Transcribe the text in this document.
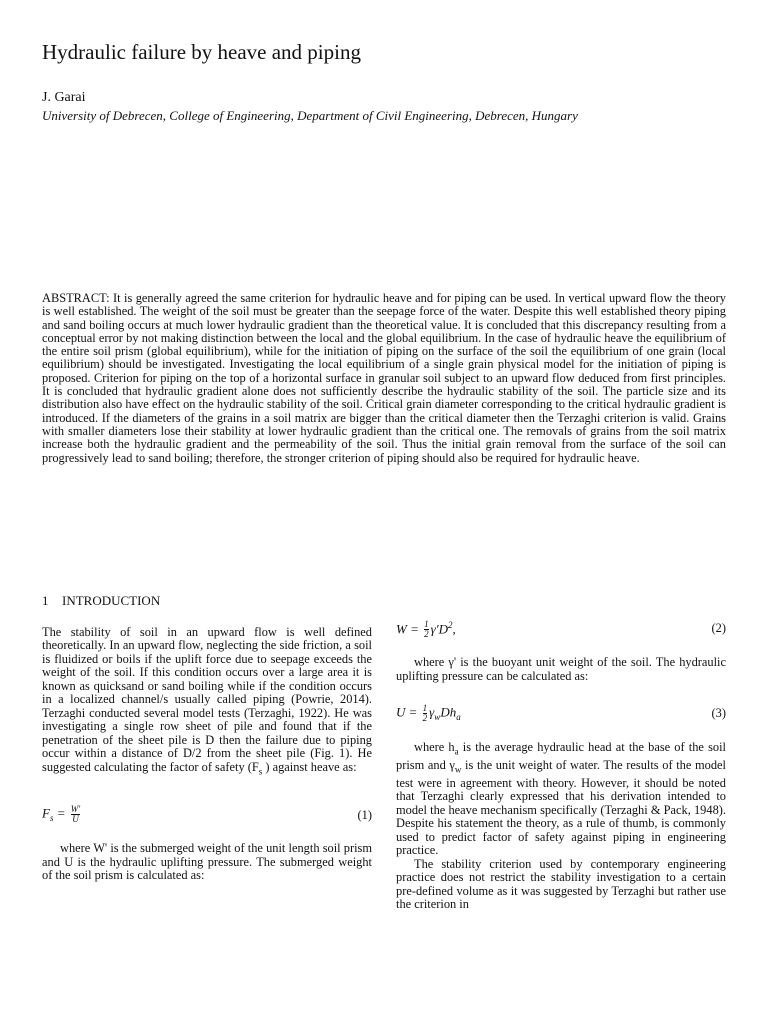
Hydraulic failure by heave and piping
J. Garai
University of Debrecen, College of Engineering, Department of Civil Engineering, Debrecen, Hungary

ABSTRACT: It is generally agreed the same criterion for hydraulic heave and for piping can be used. In vertical upward flow the theory is well established. The weight of the soil must be greater than the seepage force of the water. Despite this well established theory piping and sand boiling occurs at much lower hydraulic gradient than the theoretical value. It is concluded that this discrepancy resulting from a conceptual error by not making distinction between the local and the global equilibrium. In the case of hydraulic heave the equilibrium of the entire soil prism (global equilibrium), while for the initiation of piping on the surface of the soil the equilibrium of one grain (local equilibrium) should be investigated. Investigating the local equilibrium of a single grain physical model for the initiation of piping is proposed. Criterion for piping on the top of a horizontal surface in granular soil subject to an upward flow deduced from first principles. It is concluded that hydraulic gradient alone does not sufficiently describe the hydraulic stability of the soil. The particle size and its distribution also have effect on the hydraulic stability of the soil. Critical grain diameter corresponding to the critical hydraulic gradient is introduced. If the diameters of the grains in a soil matrix are bigger than the critical diameter then the Terzaghi criterion is valid. Grains with smaller diameters lose their stability at lower hydraulic gradient than the critical one. The removals of grains from the soil matrix increase both the hydraulic gradient and the permeability of the soil. Thus the initial grain removal from the surface of the soil can progressively lead to sand boiling; therefore, the stronger criterion of piping should also be required for hydraulic heave.

1 INTRODUCTION

The stability of soil in an upward flow is well defined theoretically. In an upward flow, neglecting the side friction, a soil is fluidized or boils if the uplift force due to seepage exceeds the weight of the soil. If this condition occurs over a large area it is known as quicksand or sand boiling while if the condition occurs in a localized channel/s usually called piping (Powrie, 2014). Terzaghi conducted several model tests (Terzaghi, 1922). He was investigating a single row sheet of pile and found that if the penetration of the sheet pile is D then the failure due to piping occur within a distance of D/2 from the sheet pile (Fig. 1). He suggested calculating the factor of safety ($F_s$ ) against heave as:

$F_s = \frac{W'}{U}$	(1)

where W' is the submerged weight of the unit length soil prism and U is the hydraulic uplifting pressure. The submerged weight of the soil prism is calculated as:

$W = \frac{1}{2} \gamma'D^2$,	(2)

where γ' is the buoyant unit weight of the soil. The hydraulic uplifting pressure can be calculated as:

$U = \frac{1}{2} \gamma_wDh_a$	(3)

where $h_a$ is the average hydraulic head at the base of the soil prism and $\gamma_w$ is the unit weight of water. The results of the model test were in agreement with theory. However, it should be noted that Terzaghi clearly expressed that his derivation intended to model the heave mechanism specifically (Terzaghi & Pack, 1948). Despite his statement the theory, as a rule of thumb, is commonly used to predict factor of safety against piping in engineering practice.

The stability criterion used by contemporary engineering practice does not restrict the stability investigation to a certain pre-defined volume as it was suggested by Terzaghi but rather use the criterion in
